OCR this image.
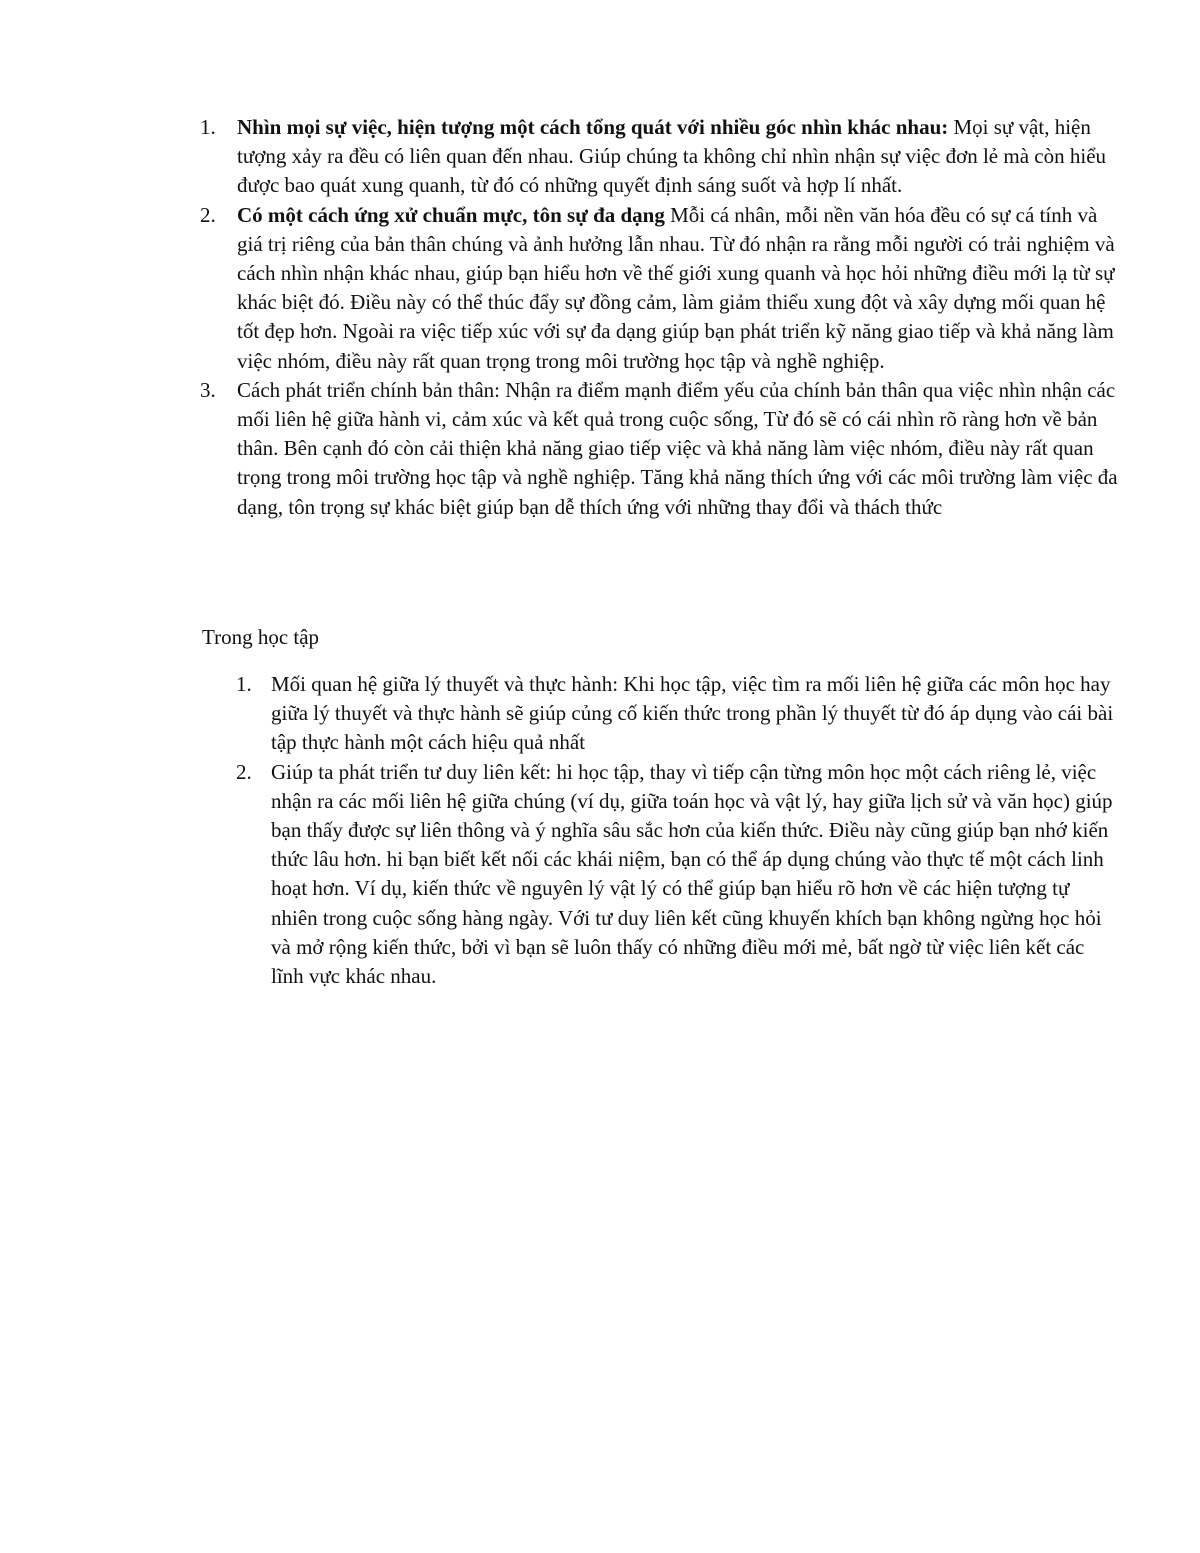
1. Nhìn mọi sự việc, hiện tượng một cách tổng quát với nhiều góc nhìn khác nhau: Mọi sự vật, hiện tượng xảy ra đều có liên quan đến nhau. Giúp chúng ta không chỉ nhìn nhận sự việc đơn lẻ mà còn hiểu được bao quát xung quanh, từ đó có những quyết định sáng suốt và hợp lí nhất.
2. Có một cách ứng xử chuẩn mực, tôn sự đa dạng Mỗi cá nhân, mỗi nền văn hóa đều có sự cá tính và giá trị riêng của bản thân chúng và ảnh hưởng lẫn nhau. Từ đó nhận ra rằng mỗi người có trải nghiệm và cách nhìn nhận khác nhau, giúp bạn hiểu hơn về thế giới xung quanh và học hỏi những điều mới lạ từ sự khác biệt đó. Điều này có thể thúc đẩy sự đồng cảm, làm giảm thiểu xung đột và xây dựng mối quan hệ tốt đẹp hơn. Ngoài ra việc tiếp xúc với sự đa dạng giúp bạn phát triển kỹ năng giao tiếp và khả năng làm việc nhóm, điều này rất quan trọng trong môi trường học tập và nghề nghiệp.
3. Cách phát triển chính bản thân: Nhận ra điểm mạnh điểm yếu của chính bản thân qua việc nhìn nhận các mối liên hệ giữa hành vi, cảm xúc và kết quả trong cuộc sống, Từ đó sẽ có cái nhìn rõ ràng hơn về bản thân. Bên cạnh đó còn cải thiện khả năng giao tiếp việc và khả năng làm việc nhóm, điều này rất quan trọng trong môi trường học tập và nghề nghiệp. Tăng khả năng thích ứng với các môi trường làm việc đa dạng, tôn trọng sự khác biệt giúp bạn dễ thích ứng với những thay đổi và thách thức
Trong học tập
1. Mối quan hệ giữa lý thuyết và thực hành: Khi học tập, việc tìm ra mối liên hệ giữa các môn học hay giữa lý thuyết và thực hành sẽ giúp củng cố kiến thức trong phần lý thuyết từ đó áp dụng vào cái bài tập thực hành một cách hiệu quả nhất
2. Giúp ta phát triển tư duy liên kết: hi học tập, thay vì tiếp cận từng môn học một cách riêng lẻ, việc nhận ra các mối liên hệ giữa chúng (ví dụ, giữa toán học và vật lý, hay giữa lịch sử và văn học) giúp bạn thấy được sự liên thông và ý nghĩa sâu sắc hơn của kiến thức. Điều này cũng giúp bạn nhớ kiến thức lâu hơn. hi bạn biết kết nối các khái niệm, bạn có thể áp dụng chúng vào thực tế một cách linh hoạt hơn. Ví dụ, kiến thức về nguyên lý vật lý có thể giúp bạn hiểu rõ hơn về các hiện tượng tự nhiên trong cuộc sống hàng ngày. Với tư duy liên kết cũng khuyến khích bạn không ngừng học hỏi và mở rộng kiến thức, bởi vì bạn sẽ luôn thấy có những điều mới mẻ, bất ngờ từ việc liên kết các lĩnh vực khác nhau.
